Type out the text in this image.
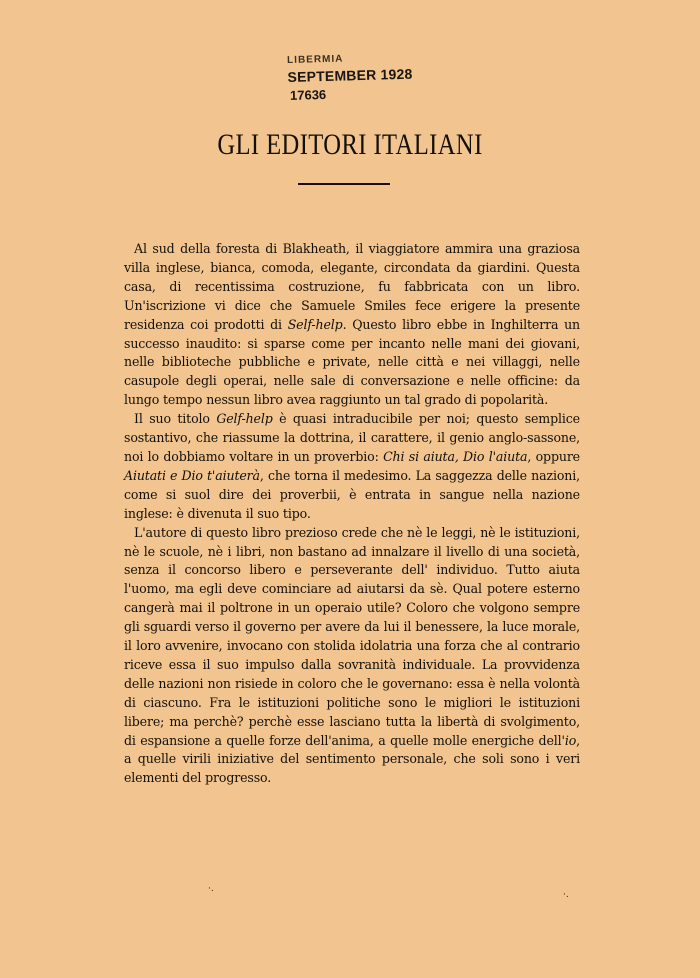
LIBERMIA
SEPTEMBER 1928
17636
GLI EDITORI ITALIANI

Al sud della foresta di Blakheath, il viaggiatore ammira una graziosa villa inglese, bianca, comoda, elegante, circondata da giardini. Questa casa, di recentissima costruzione, fu fabbricata con un libro. Un'iscrizione vi dice che Samuele Smiles fece erigere la presente residenza coi prodotti di Self-help. Questo libro ebbe in Inghilterra un successo inaudito: si sparse come per incanto nelle mani dei giovani, nelle biblioteche pubbliche e private, nelle città e nei villaggi, nelle casupole degli operai, nelle sale di conversazione e nelle officine: da lungo tempo nessun libro avea raggiunto un tal grado di popolarità.

Il suo titolo Gelf-help è quasi intraducibile per noi; questo semplice sostantivo, che riassume la dottrina, il carattere, il genio anglo-sassone, noi lo dobbiamo voltare in un proverbio: Chi si aiuta, Dio l'aiuta, oppure Aiutati e Dio t'aiuterà, che torna il medesimo. La saggezza delle nazioni, come si suol dire dei proverbii, è entrata in sangue nella nazione inglese: è divenuta il suo tipo.

L'autore di questo libro prezioso crede che nè le leggi, nè le istituzioni, nè le scuole, nè i libri, non bastano ad innalzare il livello di una società, senza il concorso libero e perseverante dell' individuo. Tutto aiuta l'uomo, ma egli deve cominciare ad aiutarsi da sè. Qual potere esterno cangerà mai il poltrone in un operaio utile? Coloro che volgono sempre gli sguardi verso il governo per avere da lui il benessere, la luce morale, il loro avvenire, invocano con stolida idolatria una forza che al contrario riceve essa il suo impulso dalla sovranità individuale. La provvidenza delle nazioni non risiede in coloro che le governano: essa è nella volontà di ciascuno. Fra le istituzioni politiche sono le migliori le istituzioni libere; ma perchè? perchè esse lasciano tutta la libertà di svolgimento, di espansione a quelle forze dell'anima, a quelle molle energiche dell'io, a quelle virili iniziative del sentimento personale, che soli sono i veri elementi del progresso.

·.
·.
